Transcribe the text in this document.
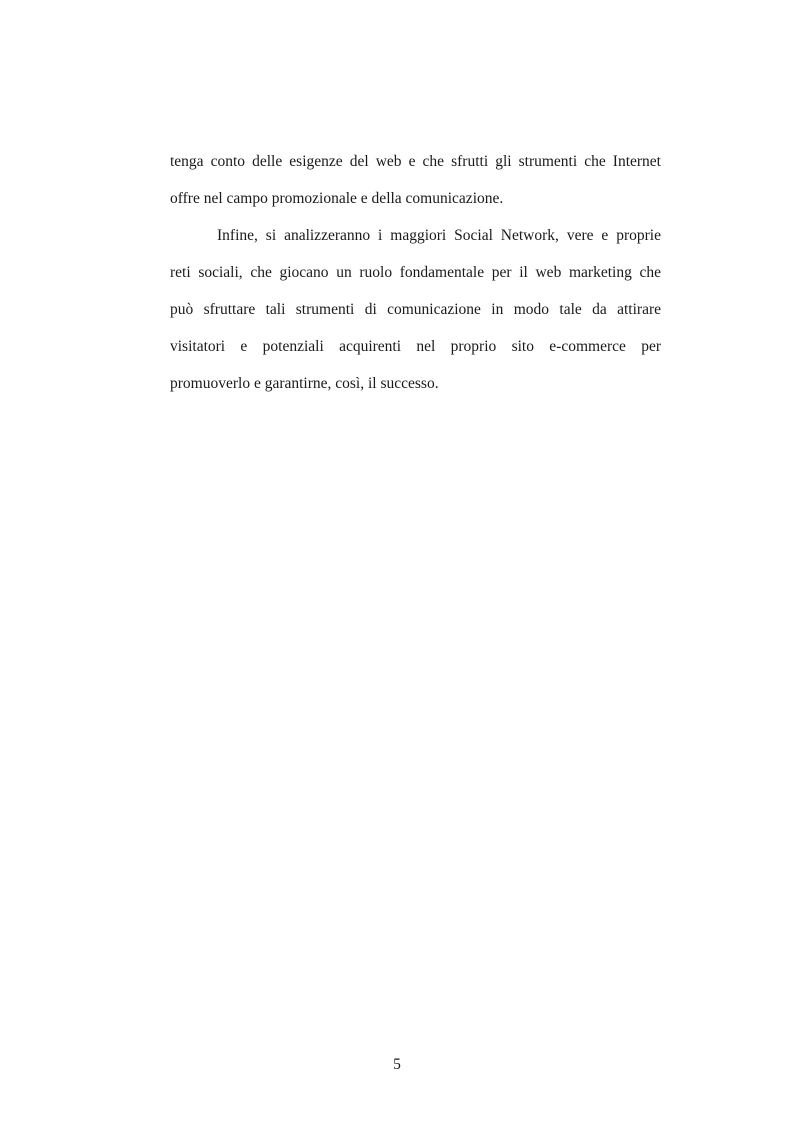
tenga conto delle esigenze del web e che sfrutti gli strumenti che Internet
offre nel campo promozionale e della comunicazione.
Infine, si analizzeranno i maggiori Social Network, vere e proprie
reti sociali, che giocano un ruolo fondamentale per il web marketing che
può sfruttare tali strumenti di comunicazione in modo tale da attirare
visitatori e potenziali acquirenti nel proprio sito e-commerce per
promuoverlo e garantirne, così, il successo.
5
